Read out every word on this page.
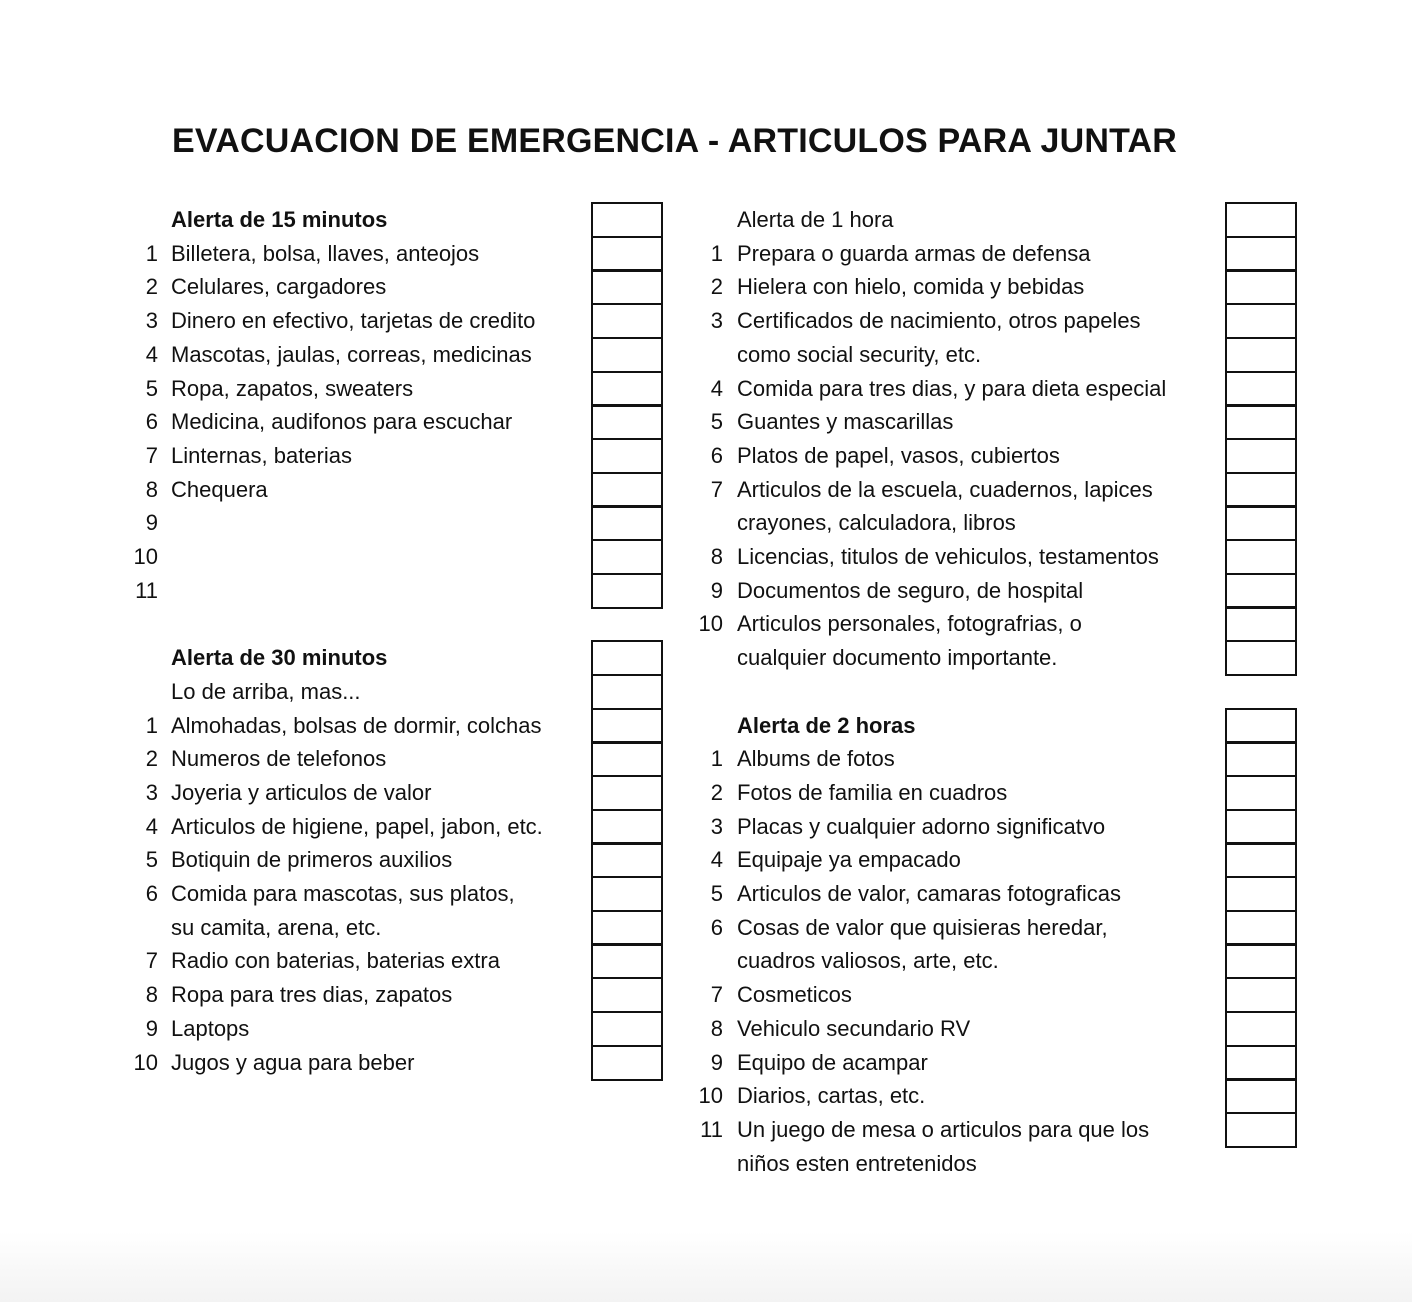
EVACUACION DE EMERGENCIA - ARTICULOS PARA JUNTAR
Alerta de 15 minutos
1 Billetera, bolsa, llaves, anteojos
2 Celulares, cargadores
3 Dinero en efectivo, tarjetas de credito
4 Mascotas, jaulas, correas, medicinas
5 Ropa, zapatos, sweaters
6 Medicina, audifonos para escuchar
7 Linternas, baterias
8 Chequera
9
10
11
Alerta de 30 minutos
Lo de arriba, mas...
1 Almohadas, bolsas de dormir, colchas
2 Numeros de telefonos
3 Joyeria y articulos de valor
4 Articulos de higiene, papel, jabon, etc.
5 Botiquin de primeros auxilios
6 Comida para mascotas, sus platos,
su camita, arena, etc.
7 Radio con baterias, baterias extra
8 Ropa para tres dias, zapatos
9 Laptops
10 Jugos y agua para beber
Alerta de 1 hora
1 Prepara o guarda armas de defensa
2 Hielera con hielo, comida y bebidas
3 Certificados de nacimiento, otros papeles
como social security, etc.
4 Comida para tres dias, y para dieta especial
5 Guantes y mascarillas
6 Platos de papel, vasos, cubiertos
7 Articulos de la escuela, cuadernos, lapices
crayones, calculadora, libros
8 Licencias, titulos de vehiculos, testamentos
9 Documentos de seguro, de hospital
10 Articulos personales, fotografrias, o
cualquier documento importante.
Alerta de 2 horas
1 Albums de fotos
2 Fotos de familia en cuadros
3 Placas y cualquier adorno significatvo
4 Equipaje ya empacado
5 Articulos de valor, camaras fotograficas
6 Cosas de valor que quisieras heredar,
cuadros valiosos, arte, etc.
7 Cosmeticos
8 Vehiculo secundario RV
9 Equipo de acampar
10 Diarios, cartas, etc.
11 Un juego de mesa o articulos para que los
niños esten entretenidos
